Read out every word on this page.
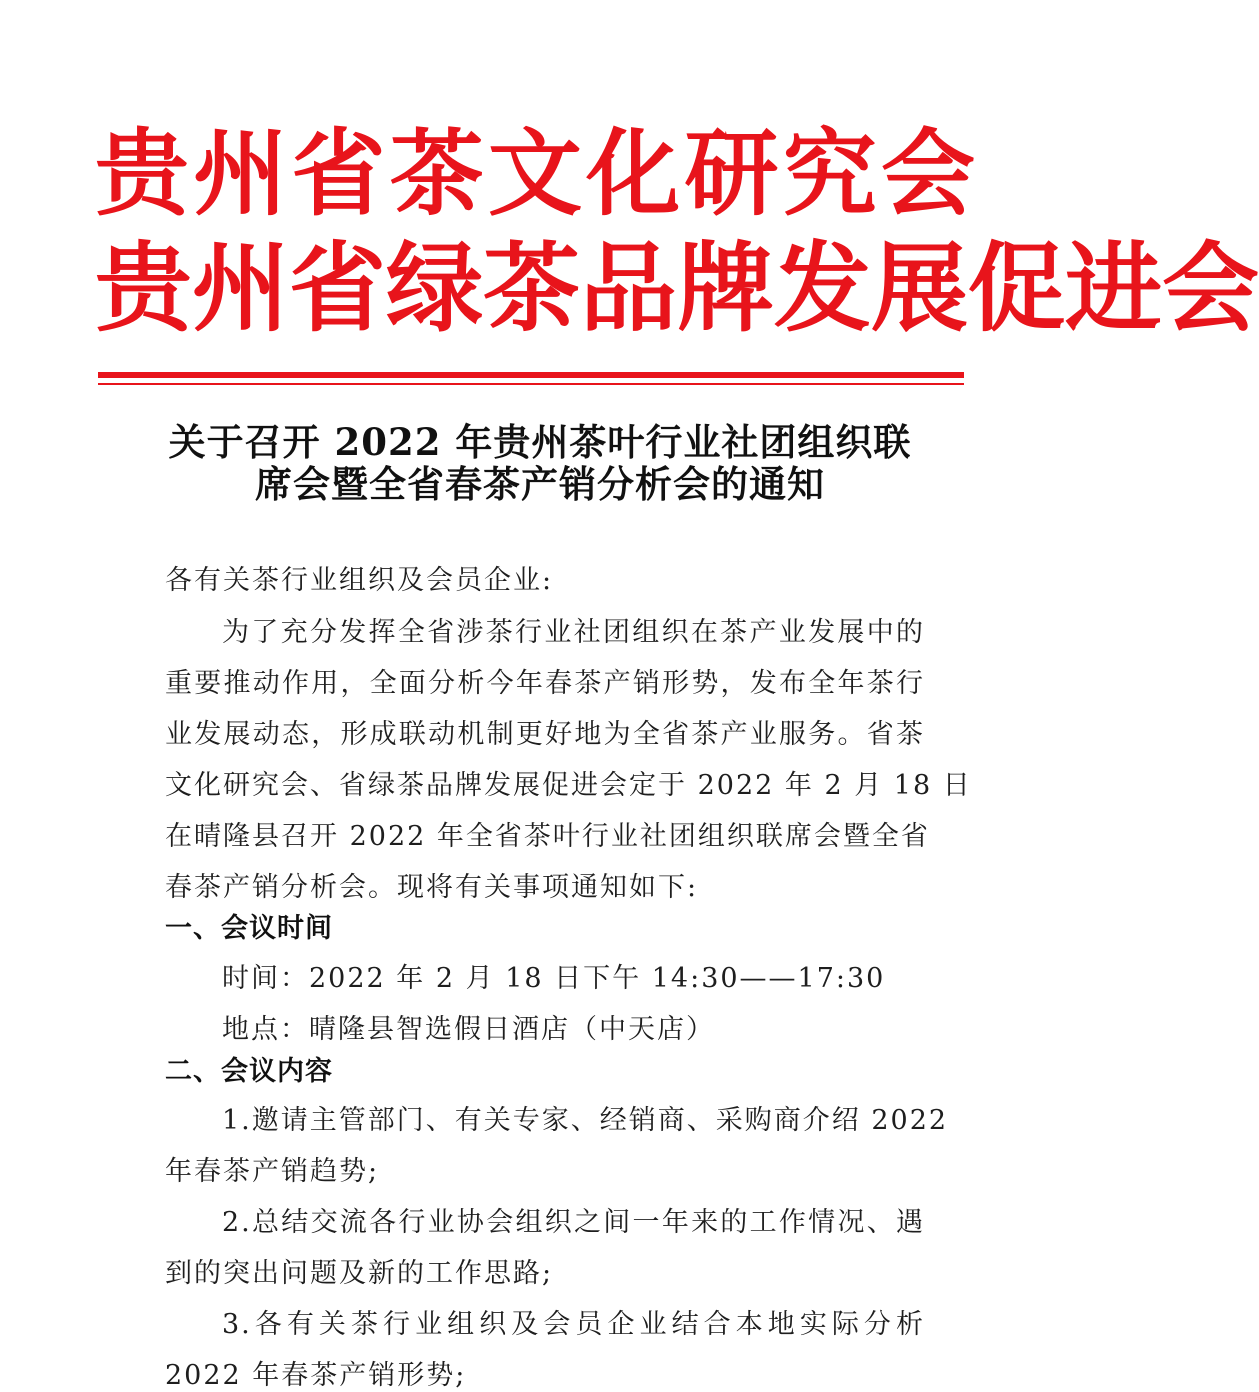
贵州省茶文化研究会
贵州省绿茶品牌发展促进会
关于召开 2022 年贵州茶叶行业社团组织联
席会暨全省春茶产销分析会的通知
各有关茶行业组织及会员企业:
为了充分发挥全省涉茶行业社团组织在茶产业发展中的
重要推动作用，全面分析今年春茶产销形势，发布全年茶行
业发展动态，形成联动机制更好地为全省茶产业服务。省茶
文化研究会、省绿茶品牌发展促进会定于 2022 年 2 月 18 日
在晴隆县召开 2022 年全省茶叶行业社团组织联席会暨全省
春茶产销分析会。现将有关事项通知如下:
一、会议时间
时间：2022 年 2 月 18 日下午 14:30——17:30
地点：晴隆县智选假日酒店（中天店）
二、会议内容
1.邀请主管部门、有关专家、经销商、采购商介绍 2022
年春茶产销趋势;
2.总结交流各行业协会组织之间一年来的工作情况、遇
到的突出问题及新的工作思路;
3.各有关茶行业组织及会员企业结合本地实际分析
2022 年春茶产销形势;
